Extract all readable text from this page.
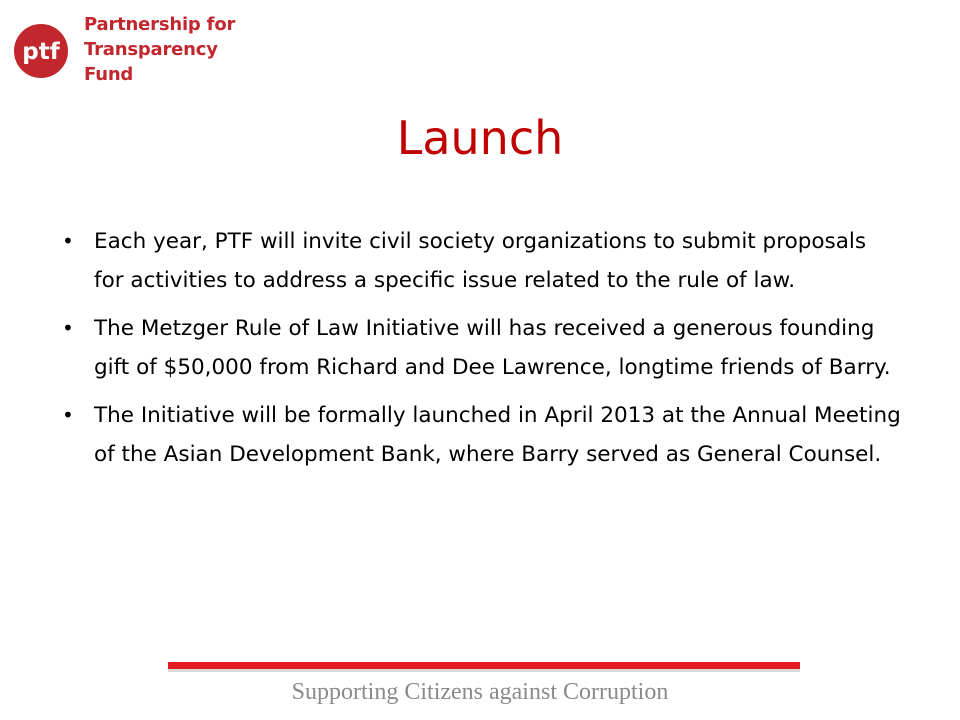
ptf
Partnership for
Transparency
Fund
Launch
• Each year, PTF will invite civil society organizations to submit proposals for activities to address a specific issue related to the rule of law.
• The Metzger Rule of Law Initiative will has received a generous founding gift of $50,000 from Richard and Dee Lawrence, longtime friends of Barry.
• The Initiative will be formally launched in April 2013 at the Annual Meeting of the Asian Development Bank, where Barry served as General Counsel.
Supporting Citizens against Corruption
